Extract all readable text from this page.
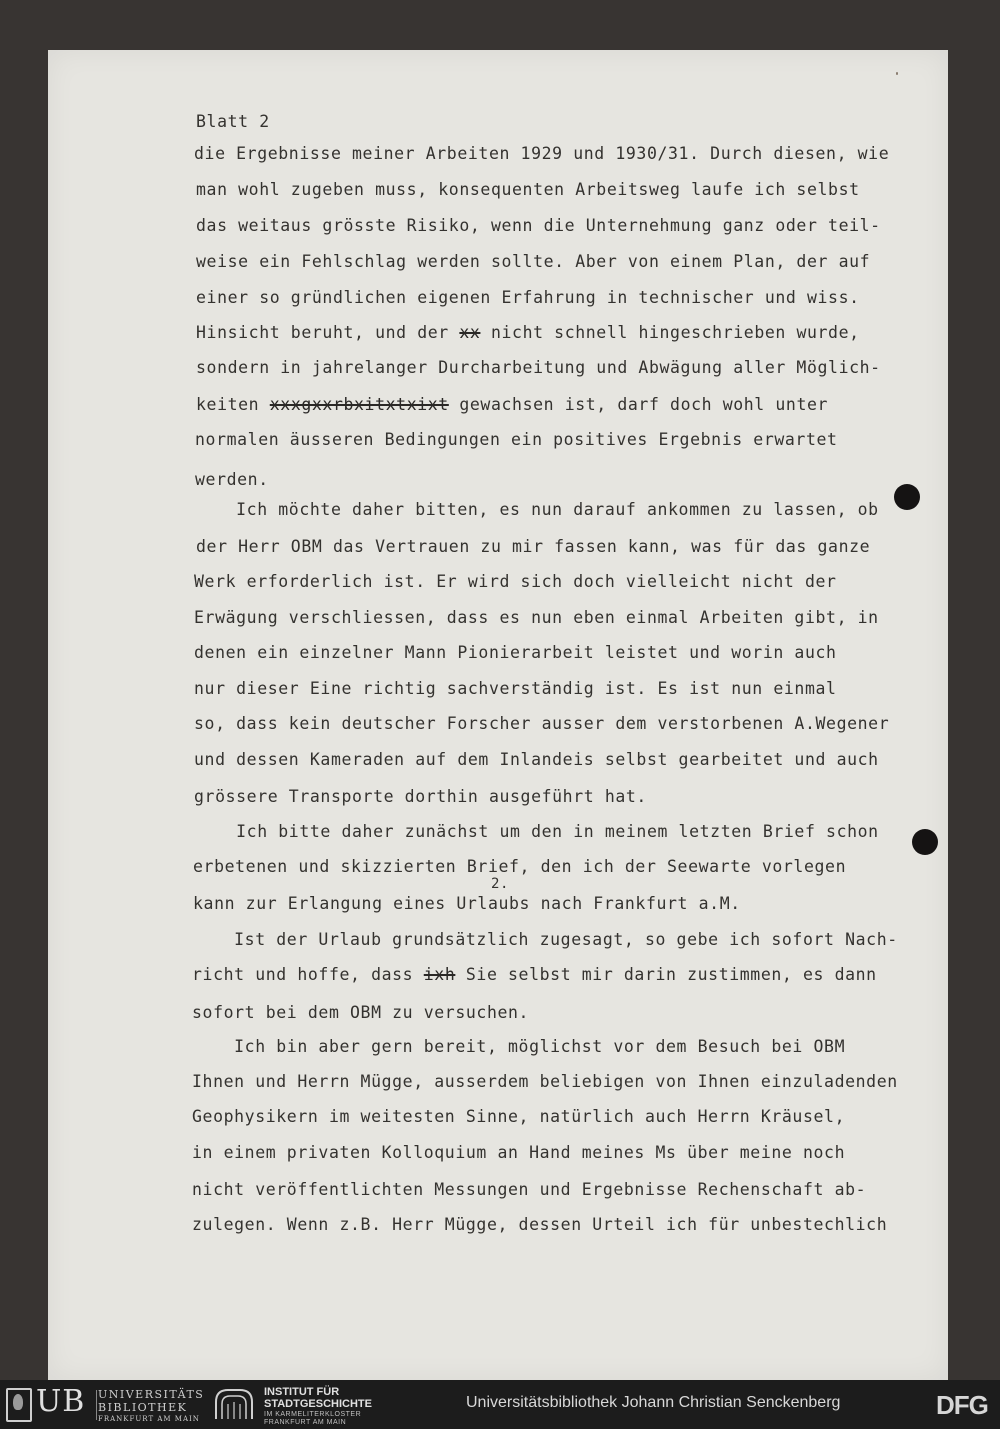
Blatt 2
die Ergebnisse meiner Arbeiten 1929 und 1930/31. Durch diesen, wie
man wohl zugeben muss, konsequenten Arbeitsweg laufe ich selbst
das weitaus grösste Risiko, wenn die Unternehmung ganz oder teil-
weise ein Fehlschlag werden sollte. Aber von einem Plan, der auf
einer so gründlichen eigenen Erfahrung in technischer und wiss.
Hinsicht beruht, und der xx nicht schnell hingeschrieben wurde,
sondern in jahrelanger Durcharbeitung und Abwägung aller Möglich-
keiten xxxgxxrbxitxtxixt gewachsen ist, darf doch wohl unter
normalen äusseren Bedingungen ein positives Ergebnis erwartet
werden.
Ich möchte daher bitten, es nun darauf ankommen zu lassen, ob
der Herr OBM das Vertrauen zu mir fassen kann, was für das ganze
Werk erforderlich ist. Er wird sich doch vielleicht nicht der
Erwägung verschliessen, dass es nun eben einmal Arbeiten gibt, in
denen ein einzelner Mann Pionierarbeit leistet und worin auch
nur dieser Eine richtig sachverständig ist. Es ist nun einmal
so, dass kein deutscher Forscher ausser dem verstorbenen A.Wegener
und dessen Kameraden auf dem Inlandeis selbst gearbeitet und auch
grössere Transporte dorthin ausgeführt hat.
Ich bitte daher zunächst um den in meinem letzten Brief schon
erbetenen und skizzierten Brief, den ich der Seewarte vorlegen
2.
kann zur Erlangung eines Urlaubs nach Frankfurt a.M.
Ist der Urlaub grundsätzlich zugesagt, so gebe ich sofort Nach-
richt und hoffe, dass ixh Sie selbst mir darin zustimmen, es dann
sofort bei dem OBM zu versuchen.
Ich bin aber gern bereit, möglichst vor dem Besuch bei OBM
Ihnen und Herrn Mügge, ausserdem beliebigen von Ihnen einzuladenden
Geophysikern im weitesten Sinne, natürlich auch Herrn Kräusel,
in einem privaten Kolloquium an Hand meines Ms über meine noch
nicht veröffentlichten Messungen und Ergebnisse Rechenschaft ab-
zulegen. Wenn z.B. Herr Mügge, dessen Urteil ich für unbestechlich
UB UNIVERSITÄTS
BIBLIOTHEK
FRANKFURT AM MAIN
INSTITUT FÜR
STADTGESCHICHTE
IM KARMELITERKLOSTER
FRANKFURT AM MAIN
Universitätsbibliothek Johann Christian Senckenberg	DFG
